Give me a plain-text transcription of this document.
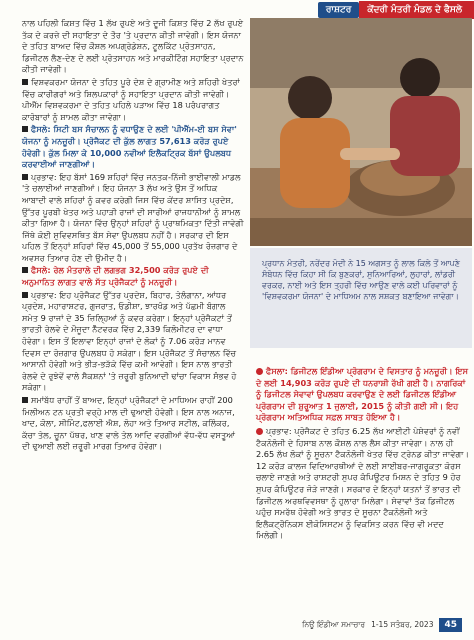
ਰਾਸ਼ਟਰ	ਕੇਂਦਰੀ ਮੰਤਰੀ ਮੰਡਲ ਦੇ ਫੈਸਲੇ

ਨਾਲ ਪਹਿਲੀ ਕਿਸ਼ਤ ਵਿੱਚ 1 ਲੱਖ ਰੁਪਏ ਅਤੇ ਦੂਜੀ ਕਿਸ਼ਤ ਵਿੱਚ 2 ਲੱਖ ਰੁਪਏ ਤੱਕ ਦੇ ਕਰਜ਼ੇ ਦੀ ਸਹਾਇਤਾ ਦੇ ਤੌਰ 'ਤੇ ਪ੍ਰਦਾਨ ਕੀਤੀ ਜਾਵੇਗੀ। ਇਸ ਯੋਜਨਾ ਦੇ ਤਹਿਤ ਬਾਅਦ ਵਿੱਚ ਕੌਸ਼ਲ ਅਪਗ੍ਰੇਡੇਸ਼ਨ, ਟੂਲਕਿੱਟ ਪ੍ਰੋਤਸਾਹਨ, ਡਿਜੀਟਲ ਲੈਣ-ਦੇਣ ਦੇ ਲਈ ਪ੍ਰੋਤਸਾਹਨ ਅਤੇ ਮਾਰਕੀਟਿੰਗ ਸਹਾਇਤਾ ਪ੍ਰਦਾਨ ਕੀਤੀ ਜਾਵੇਗੀ।

ਵਿਸ਼ਵਕਰਮਾ ਯੋਜਨਾ ਦੇ ਤਹਿਤ ਪੂਰੇ ਦੇਸ਼ ਦੇ ਗ੍ਰਾਮੀਣ ਅਤੇ ਸ਼ਹਿਰੀ ਖੇਤਰਾਂ ਵਿੱਚ ਕਾਰੀਗਰਾਂ ਅਤੇ ਸ਼ਿਲਪਕਾਰਾਂ ਨੂੰ ਸਹਾਇਤਾ ਪ੍ਰਦਾਨ ਕੀਤੀ ਜਾਵੇਗੀ। ਪੀਐੱਮ ਵਿਸ਼ਵਕਰਮਾ ਦੇ ਤਹਿਤ ਪਹਿਲੇ ਪੜਾਅ ਵਿੱਚ 18 ਪਰੰਪਰਾਗਤ ਕਾਰੋਬਾਰਾਂ ਨੂੰ ਸ਼ਾਮਲ ਕੀਤਾ ਜਾਵੇਗਾ।

ਫੈਸਲੇ: ਸਿਟੀ ਬਸ ਸੰਚਾਲਨ ਨੂੰ ਵਧਾਉਣ ਦੇ ਲਈ 'ਪੀਐੱਮ-ਈ ਬਸ ਸੇਵਾ' ਯੋਜਨਾ ਨੂੰ ਮਨਜ਼ੂਰੀ। ਪ੍ਰੋਜੈਕਟ ਦੀ ਕੁੱਲ ਲਾਗਤ 57,613 ਕਰੋੜ ਰੁਪਏ ਹੋਵੇਗੀ। ਕੁੱਲ ਮਿਲਾ ਕੇ 10,000 ਨਵੀਆਂ ਇਲੈਕਟ੍ਰਿਕ ਬੱਸਾਂ ਉਪਲਬਧ ਕਰਵਾਈਆਂ ਜਾਣਗੀਆਂ।

ਪ੍ਰਭਾਵ: ਇਹ ਬੱਸਾਂ 169 ਸ਼ਹਿਰਾਂ ਵਿੱਚ ਜਨਤਕ-ਨਿੱਜੀ ਭਾਈਵਾਲੀ ਮਾਡਲ 'ਤੇ ਚਲਾਈਆਂ ਜਾਣਗੀਆਂ। ਇਹ ਯੋਜਨਾ 3 ਲੱਖ ਅਤੇ ਉਸ ਤੋਂ ਅਧਿਕ ਆਬਾਦੀ ਵਾਲੇ ਸ਼ਹਿਰਾਂ ਨੂੰ ਕਵਰ ਕਰੇਗੀ ਜਿਸ ਵਿੱਚ ਕੇਂਦਰ ਸ਼ਾਸਿਤ ਪ੍ਰਦੇਸ਼, ਉੱਤਰ ਪੂਰਬੀ ਖੇਤਰ ਅਤੇ ਪਹਾੜੀ ਰਾਜਾਂ ਦੀ ਸਾਰੀਆਂ ਰਾਜਧਾਨੀਆਂ ਨੂੰ ਸ਼ਾਮਲ ਕੀਤਾ ਗਿਆ ਹੈ। ਯੋਜਨਾ ਵਿੱਚ ਉਨ੍ਹਾਂ ਸ਼ਹਿਰਾਂ ਨੂੰ ਪ੍ਰਾਥਮਿਕਤਾ ਦਿੱਤੀ ਜਾਵੇਗੀ ਜਿੱਥੇ ਕੋਈ ਸੁਵਿਵਸਥਿਤ ਬੱਸ ਸੇਵਾ ਉਪਲਬਧ ਨਹੀਂ ਹੈ। ਸਰਕਾਰ ਦੀ ਇਸ ਪਹਿਲ ਤੋਂ ਇਨ੍ਹਾਂ ਸ਼ਹਿਰਾਂ ਵਿੱਚ 45,000 ਤੋਂ 55,000 ਪ੍ਰਤੱਖ ਰੋਜ਼ਗਾਰ ਦੇ ਅਵਸਰ ਤਿਆਰ ਹੋਣ ਦੀ ਉਮੀਦ ਹੈ।

ਫੈਸਲੇ: ਰੇਲ ਮੰਤਰਾਲੇ ਦੀ ਲਗਭਗ 32,500 ਕਰੋੜ ਰੁਪਏ ਦੀ ਅਨੁਮਾਨਿਤ ਲਾਗਤ ਵਾਲੇ ਸੱਤ ਪ੍ਰੋਜੈਕਟਾਂ ਨੂੰ ਮਨਜ਼ੂਰੀ।

ਪ੍ਰਭਾਵ: ਇਹ ਪ੍ਰੋਜੈਕਟ ਉੱਤਰ ਪ੍ਰਦੇਸ਼, ਬਿਹਾਰ, ਤੇਲੰਗਾਨਾ, ਆਂਧਰ ਪ੍ਰਦੇਸ਼, ਮਹਾਰਾਸ਼ਟਰ, ਗੁਜਰਾਤ, ਓਡੀਸ਼ਾ, ਝਾਰਖੰਡ ਅਤੇ ਪੱਛਮੀ ਬੰਗਾਲ ਸਮੇਤ 9 ਰਾਜਾਂ ਦੇ 35 ਜ਼ਿਲ੍ਹਿਆਂ ਨੂੰ ਕਵਰ ਕਰੇਗਾ। ਇਨ੍ਹਾਂ ਪ੍ਰੋਜੈਕਟਾਂ ਤੋਂ ਭਾਰਤੀ ਰੇਲਵੇ ਦੇ ਮੌਜੂਦਾ ਨੈੱਟਵਰਕ ਵਿੱਚ 2,339 ਕਿਲੋਮੀਟਰ ਦਾ ਵਾਧਾ ਹੋਵੇਗਾ। ਇਸ ਤੋਂ ਇਲਾਵਾ ਇਨ੍ਹਾਂ ਰਾਜਾਂ ਦੇ ਲੋਕਾਂ ਨੂੰ 7.06 ਕਰੋੜ ਮਾਨਵ ਦਿਵਸ ਦਾ ਰੋਜ਼ਗਾਰ ਉਪਲਬਧ ਹੋ ਸਕੇਗਾ। ਇਸ ਪ੍ਰੋਜੈਕਟ ਤੋਂ ਸੰਚਾਲਨ ਵਿੱਚ ਆਸਾਨੀ ਹੋਵੇਗੀ ਅਤੇ ਭੀੜ-ਭੜੱਕੇ ਵਿੱਚ ਕਮੀ ਆਵੇਗੀ। ਇਸ ਨਾਲ ਭਾਰਤੀ ਰੇਲਵੇ ਦੇ ਰੁਝੇਵੇਂ ਵਾਲੇ ਸੈਕਸ਼ਨਾਂ 'ਤੇ ਜ਼ਰੂਰੀ ਬੁਨਿਆਦੀ ਢਾਂਚਾ ਵਿਕਾਸ ਸੰਭਵ ਹੋ ਸਕੇਗਾ।

ਸਮਾਂਬੱਧ ਰਾਹੀਂ ਤੋਂ ਬਾਅਦ, ਇਨ੍ਹਾਂ ਪ੍ਰੋਜੈਕਟਾਂ ਦੇ ਮਾਧਿਅਮ ਰਾਹੀਂ 200 ਮਿਲੀਅਨ ਟਨ ਪ੍ਰਤੀ ਵਰ੍ਹੇ ਮਾਲ ਦੀ ਢੁਆਈ ਹੋਵੇਗੀ। ਇਸ ਨਾਲ ਅਨਾਜ, ਖਾਦ, ਕੋਲਾ, ਸੀਮਿੰਟ,ਫਲਾਈ ਐਸ਼, ਲੋਹਾ ਅਤੇ ਤਿਆਰ ਸਟੀਲ, ਕਲਿੰਕਰ, ਕੱਚਾ ਤੇਲ, ਚੂਨਾ ਪੱਥਰ, ਖਾਣ ਵਾਲੇ ਤੇਲ ਆਦਿ ਵਰਗੀਆਂ ਵੱਧ-ਵੱਧ ਵਸਤੂਆਂ ਦੀ ਢੁਆਈ ਲਈ ਜ਼ਰੂਰੀ ਮਾਰਗ ਤਿਆਰ ਹੋਵੇਗਾ।

ਪ੍ਰਧਾਨ ਮੰਤਰੀ, ਨਰੇਂਦਰ ਮੋਦੀ ਨੇ 15 ਅਗਸਤ ਨੂੰ ਲਾਲ ਕਿਲੇ ਤੋਂ ਆਪਣੇ ਸੰਬੋਧਨ ਵਿੱਚ ਕਿਹਾ ਸੀ ਕਿ ਬੁਣਕਰਾਂ, ਸੁਨਿਆਰਿਆਂ, ਲੁਹਾਰਾਂ, ਲਾਂਡਰੀ ਵਰਕਰ, ਨਾਈ ਅਤੇ ਇਸ ਤ੍ਹਰੀ ਵਿੱਚ ਆਉਣ ਵਾਲੇ ਕਈ ਪਰਿਵਾਰਾਂ ਨੂੰ 'ਵਿਸ਼ਵਕਰਮਾ ਯੋਜਨਾ' ਦੇ ਮਾਧਿਅਮ ਨਾਲ ਸਸ਼ਕਤ ਬਣਾਇਆ ਜਾਵੇਗਾ।

ਫੈਸਲਾ: ਡਿਜੀਟਲ ਇੰਡੀਆ ਪ੍ਰੋਗਰਾਮ ਦੇ ਵਿਸਤਾਰ ਨੂੰ ਮਨਜ਼ੂਰੀ। ਇਸ ਦੇ ਲਈ 14,903 ਕਰੋੜ ਰੁਪਏ ਦੀ ਧਨਰਾਸ਼ੀ ਰੱਖੀ ਗਈ ਹੈ। ਨਾਗਰਿਕਾਂ ਨੂੰ ਡਿਜੀਟਲ ਸੇਵਾਵਾਂ ਉਪਲਬਧ ਕਰਵਾਉਣ ਦੇ ਲਈ ਡਿਜੀਟਲ ਇੰਡੀਆ ਪ੍ਰੋਗਰਾਮ ਦੀ ਸ਼ੁਰੂਆਤ 1 ਜੁਲਾਈ, 2015 ਨੂੰ ਕੀਤੀ ਗਈ ਸੀ। ਇਹ ਪ੍ਰੋਗਰਾਮ ਅਤਿਅਧਿਕ ਸਫ਼ਲ ਸਾਬਤ ਹੋਇਆ ਹੈ।

ਪ੍ਰਭਾਵ: ਪ੍ਰੋਜੈਕਟ ਦੇ ਤਹਿਤ 6.25 ਲੱਖ ਆਈਟੀ ਪੇਸ਼ੇਵਰਾਂ ਨੂੰ ਨਵੀਂ ਟੈਕਨੋਲੋਜੀ ਦੇ ਹਿਸਾਬ ਨਾਲ ਕੌਸ਼ਲ ਨਾਲ ਲੈਸ ਕੀਤਾ ਜਾਵੇਗਾ। ਨਾਲ ਹੀ 2.65 ਲੱਖ ਲੋਕਾਂ ਨੂੰ ਸੂਚਨਾ ਟੈਕਨੋਲੋਜੀ ਖੇਤਰ ਵਿੱਚ ਟ੍ਰੇਨਡ ਕੀਤਾ ਜਾਵੇਗਾ। 12 ਕਰੋੜ ਕਾਲਜ ਵਿਦਿਆਰਥੀਆਂ ਦੇ ਲਈ ਸਾਈਬਰ-ਜਾਗਰੂਕਤਾ ਕੋਰਸ ਚਲਾਏ ਜਾਣਗੇ ਅਤੇ ਰਾਸ਼ਟਰੀ ਸੁਪਰ ਕੰਪਿਊਟਰ ਮਿਸ਼ਨ ਦੇ ਤਹਿਤ 9 ਹੋਰ ਸੁਪਰ ਕੰਪਿਊਟਰ ਜੋੜੇ ਜਾਣਗੇ। ਸਰਕਾਰ ਦੇ ਇਨ੍ਹਾਂ ਯਤਨਾਂ ਤੋਂ ਭਾਰਤ ਦੀ ਡਿਜੀਟਲ ਅਰਥਵਿਵਸਥਾ ਨੂੰ ਹੁਲਾਰਾ ਮਿਲੇਗਾ। ਸੇਵਾਵਾਂ ਤੱਕ ਡਿਜੀਟਲ ਪਹੁੰਚ ਸਮਰੱਥ ਹੋਵੇਗੀ ਅਤੇ ਭਾਰਤ ਦੇ ਸੂਚਨਾ ਟੈਕਨੋਲੋਜੀ ਅਤੇ ਇਲੈਕਟ੍ਰੌਨਿਕਸ ਈਕੋਸਿਸਟਮ ਨੂੰ ਵਿਕਸਿਤ ਕਰਨ ਵਿੱਚ ਵੀ ਮਦਦ ਮਿਲੇਗੀ।

ਨਿਊ ਇੰਡੀਆ ਸਮਾਚਾਰ 1-15 ਸਤੰਬਰ, 2023	45
